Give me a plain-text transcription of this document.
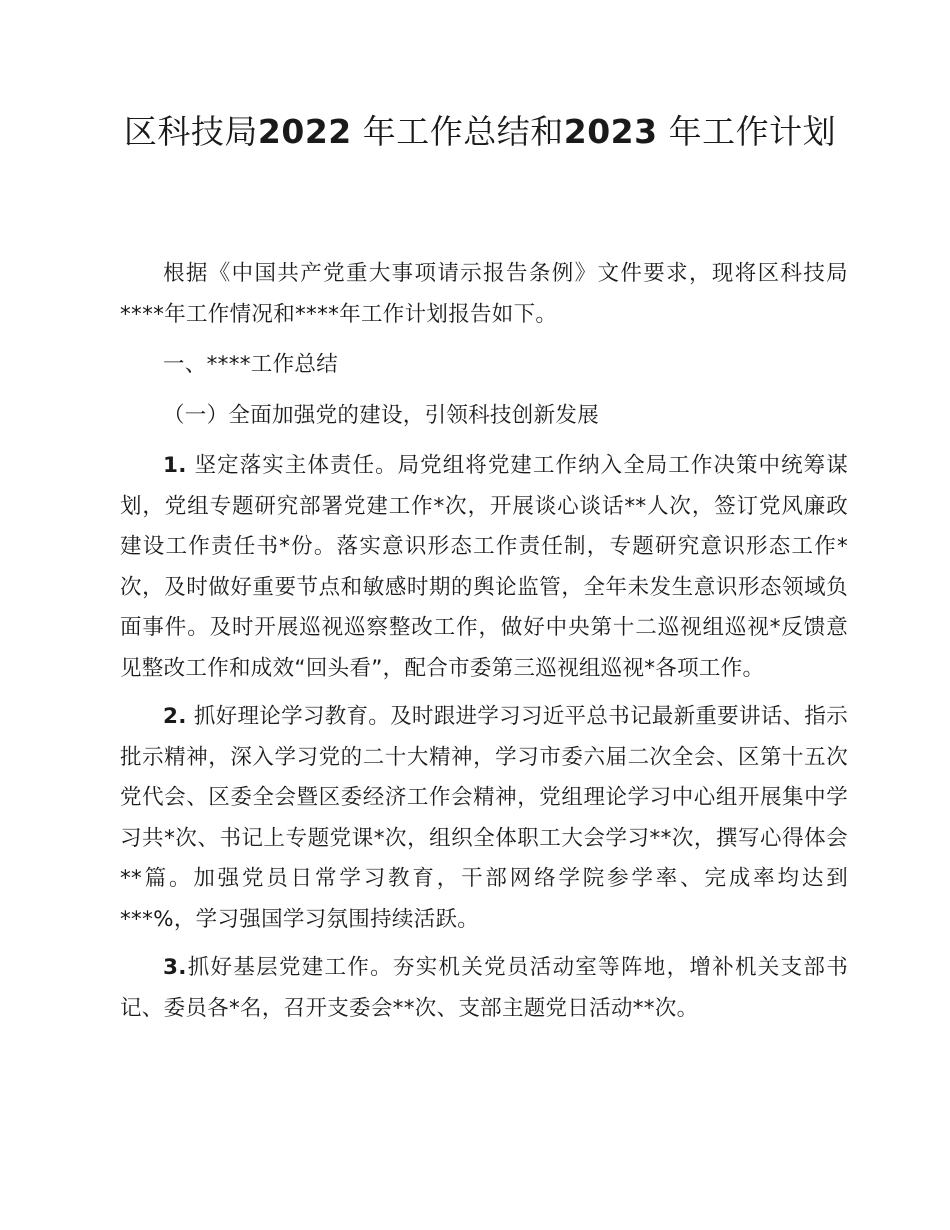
区科技局2022 年工作总结和2023 年工作计划

根据《中国共产党重大事项请示报告条例》文件要求，现将区科技局****年工作情况和****年工作计划报告如下。

一、****工作总结

（一）全面加强党的建设，引领科技创新发展

1. 坚定落实主体责任。局党组将党建工作纳入全局工作决策中统筹谋划，党组专题研究部署党建工作*次，开展谈心谈话**人次，签订党风廉政建设工作责任书*份。落实意识形态工作责任制，专题研究意识形态工作*次，及时做好重要节点和敏感时期的舆论监管，全年未发生意识形态领域负面事件。及时开展巡视巡察整改工作，做好中央第十二巡视组巡视*反馈意见整改工作和成效“回头看”，配合市委第三巡视组巡视*各项工作。

2. 抓好理论学习教育。及时跟进学习习近平总书记最新重要讲话、指示批示精神，深入学习党的二十大精神，学习市委六届二次全会、区第十五次党代会、区委全会暨区委经济工作会精神，党组理论学习中心组开展集中学习共*次、书记上专题党课*次，组织全体职工大会学习**次，撰写心得体会**篇。加强党员日常学习教育，干部网络学院参学率、完成率均达到***%，学习强国学习氛围持续活跃。

3.抓好基层党建工作。夯实机关党员活动室等阵地，增补机关支部书记、委员各*名，召开支委会**次、支部主题党日活动**次。
